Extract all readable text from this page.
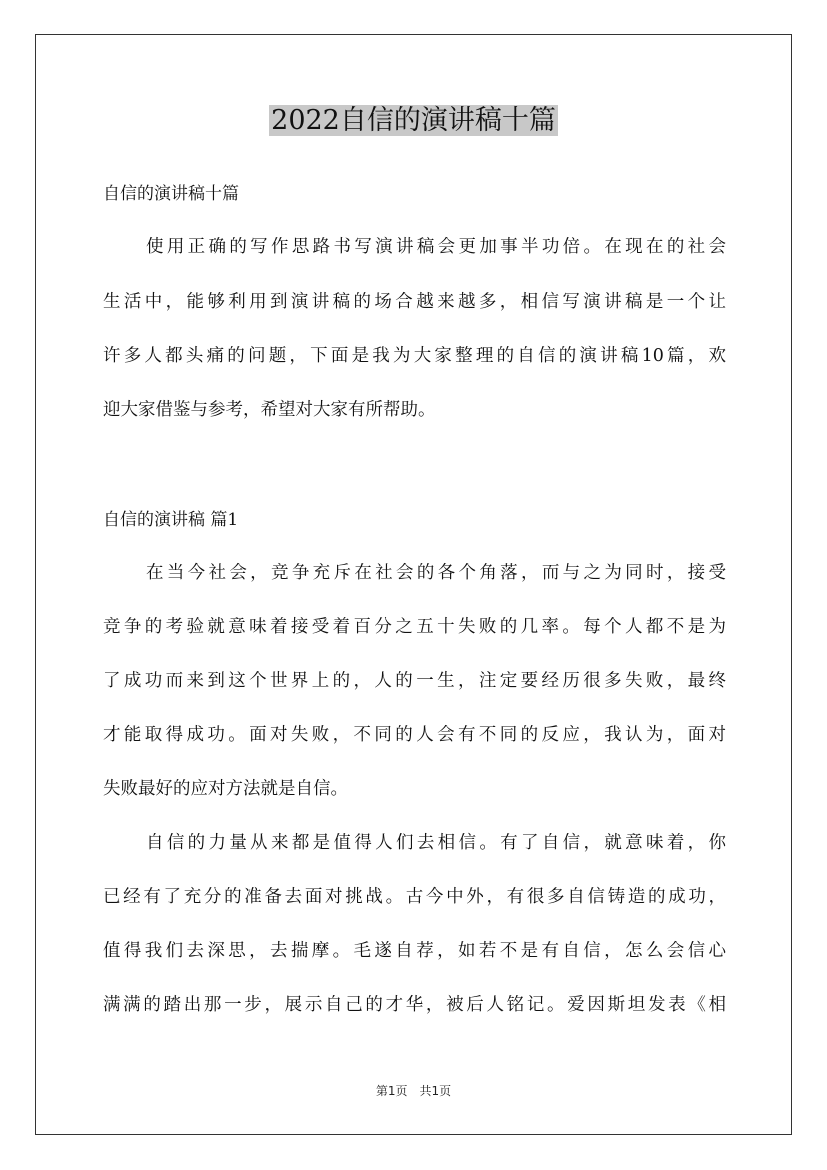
2022自信的演讲稿十篇

自信的演讲稿十篇

使用正确的写作思路书写演讲稿会更加事半功倍。在现在的社会

生活中，能够利用到演讲稿的场合越来越多，相信写演讲稿是一个让

许多人都头痛的问题，下面是我为大家整理的自信的演讲稿10篇，欢

迎大家借鉴与参考，希望对大家有所帮助。

自信的演讲稿 篇1

在当今社会，竞争充斥在社会的各个角落，而与之为同时，接受

竞争的考验就意味着接受着百分之五十失败的几率。每个人都不是为

了成功而来到这个世界上的，人的一生，注定要经历很多失败，最终

才能取得成功。面对失败，不同的人会有不同的反应，我认为，面对

失败最好的应对方法就是自信。

自信的力量从来都是值得人们去相信。有了自信，就意味着，你

已经有了充分的准备去面对挑战。古今中外，有很多自信铸造的成功，

值得我们去深思，去揣摩。毛遂自荐，如若不是有自信，怎么会信心

满满的踏出那一步，展示自己的才华，被后人铭记。爱因斯坦发表《相

第1页　共1页
